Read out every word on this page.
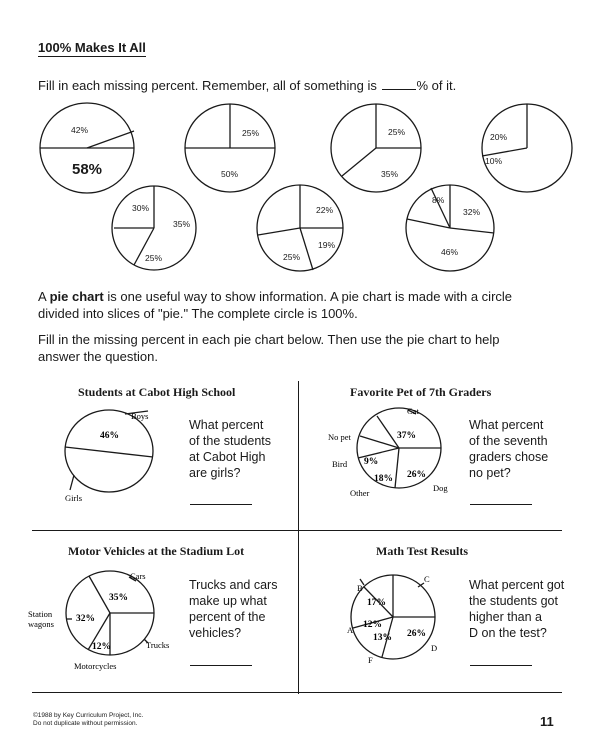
100% Makes It All
Fill in each missing percent. Remember, all of something is	% of it.
42%
58%
25%
50%
25%
35%
20%
10%
30%
35%
25%
22%
19%
25%
8%
32%
46%
A pie chart is one useful way to show information. A pie chart is made with a circle
divided into slices of "pie." The complete circle is 100%.
Fill in the missing percent in each pie chart below. Then use the pie chart to help
answer the question.
Students at Cabot High School
Boys
46%
Girls
What percent
of the students
at Cabot High
are girls?
Favorite Pet of 7th Graders
Cat
No pet
Bird
Other	Dog
37%
9%
18% 26%
What percent
of the seventh
graders chose
no pet?
Motor Vehicles at the Stadium Lot
Cars
35%
Station
wagons 32%
Trucks
12%
Motorcycles
Trucks and cars
make up what
percent of the
vehicles?
Math Test Results
C
B
17%
A 12%
13% 26%
D
F
What percent got
the students got
higher than a
D on the test?
©1988 by Key Curriculum Project, Inc.
Do not duplicate without permission.	11
